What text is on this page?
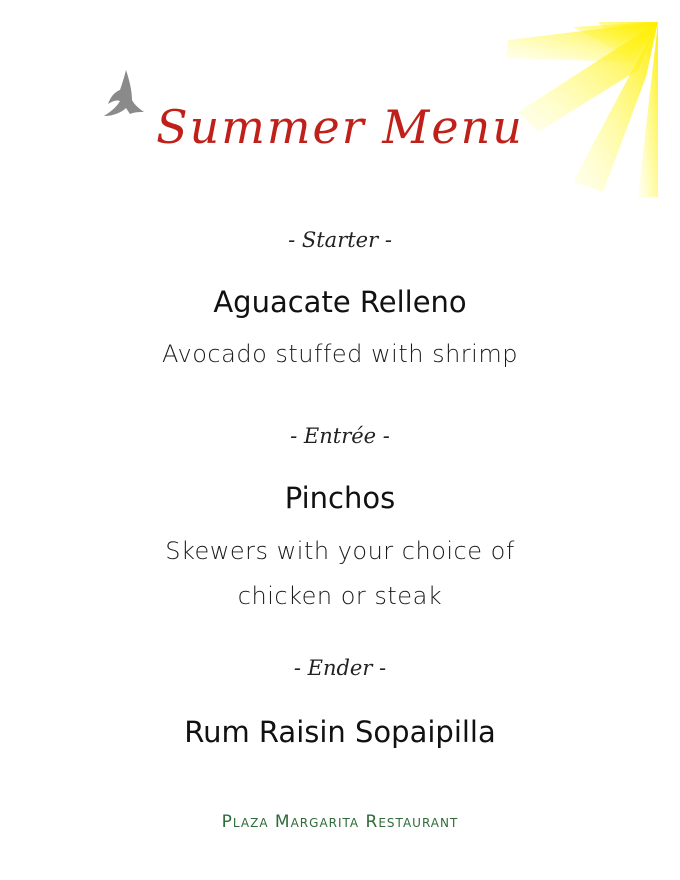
Summer Menu
- Starter -
Aguacate Relleno
Avocado stuffed with shrimp
- Entrée -
Pinchos
Skewers with your choice of
chicken or steak
- Ender -
Rum Raisin Sopaipilla
Plaza Margarita Restaurant
